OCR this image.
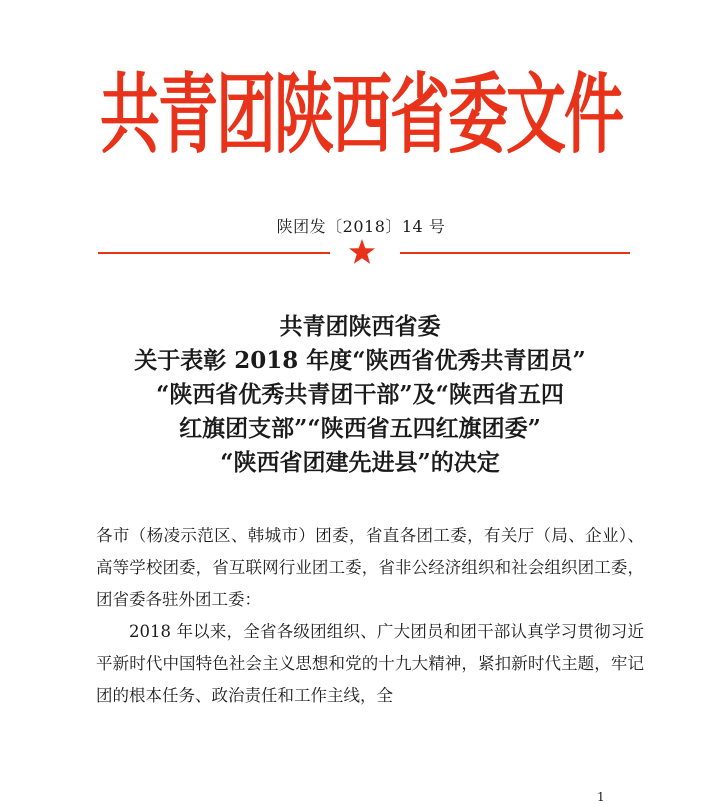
共青团陕西省委文件
陕团发〔2018〕14 号
共青团陕西省委
关于表彰 2018 年度“陕西省优秀共青团员”
“陕西省优秀共青团干部”及“陕西省五四
红旗团支部”“陕西省五四红旗团委”
“陕西省团建先进县”的决定

各市（杨凌示范区、韩城市）团委，省直各团工委，有关厅（局、企业）、高等学校团委，省互联网行业团工委，省非公经济组织和社会组织团工委，团省委各驻外团工委：

2018 年以来，全省各级团组织、广大团员和团干部认真学习贯彻习近平新时代中国特色社会主义思想和党的十九大精神，紧扣新时代主题，牢记团的根本任务、政治责任和工作主线，全

1
